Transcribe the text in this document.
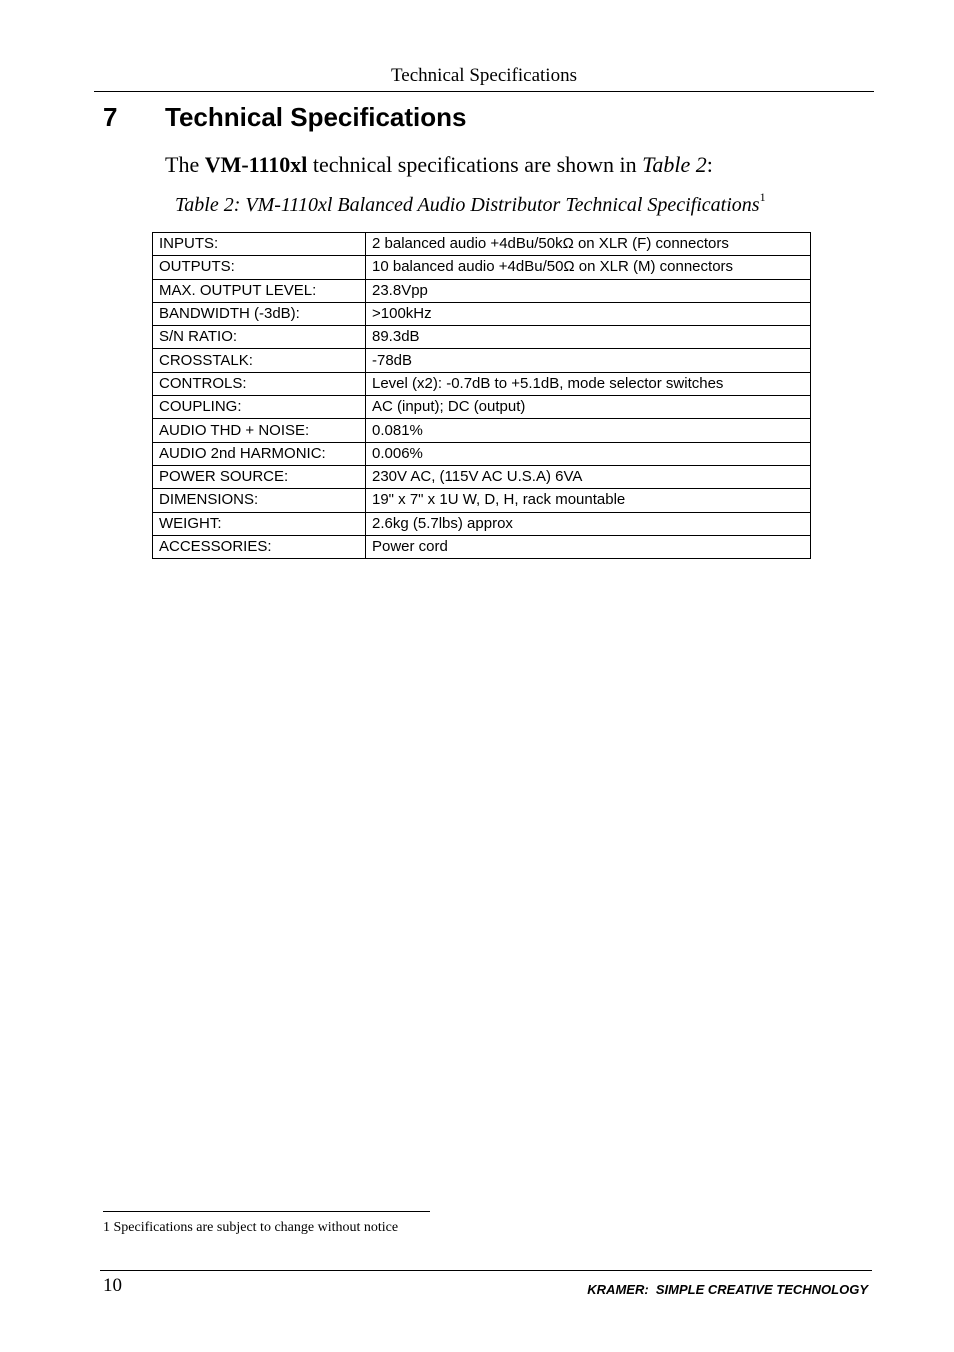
Technical Specifications
7 Technical Specifications
The VM-1110xl technical specifications are shown in Table 2:
Table 2: VM-1110xl Balanced Audio Distributor Technical Specifications$^1$
INPUTS:	2 balanced audio +4dBu/50kΩ on XLR (F) connectors
OUTPUTS:	10 balanced audio +4dBu/50Ω on XLR (M) connectors
MAX. OUTPUT LEVEL:	23.8Vpp
BANDWIDTH (-3dB):	>100kHz
S/N RATIO:	89.3dB
CROSSTALK:	-78dB
CONTROLS:	Level (x2): -0.7dB to +5.1dB, mode selector switches
COUPLING:	AC (input); DC (output)
AUDIO THD + NOISE:	0.081%
AUDIO 2nd HARMONIC:	0.006%
POWER SOURCE:	230V AC, (115V AC U.S.A) 6VA
DIMENSIONS:	19" x 7" x 1U W, D, H, rack mountable
WEIGHT:	2.6kg (5.7lbs) approx
ACCESSORIES:	Power cord
1 Specifications are subject to change without notice
10	KRAMER:  SIMPLE CREATIVE TECHNOLOGY
